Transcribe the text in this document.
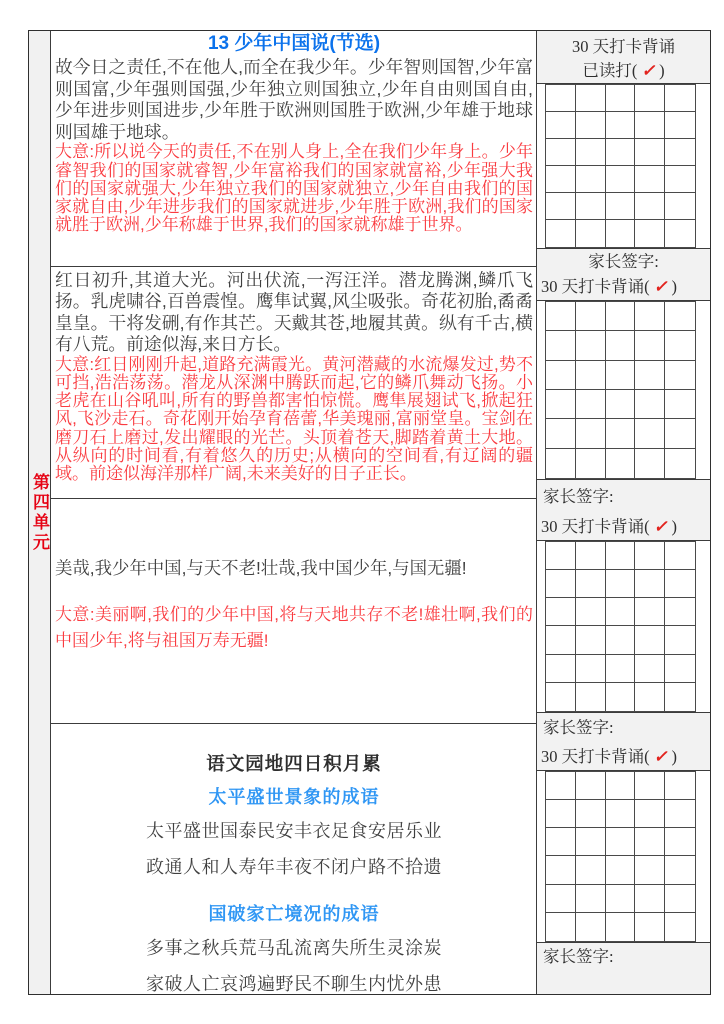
第四单元
13 少年中国说(节选)
故今日之责任,不在他人,而全在我少年。少年智则国智,少年富则国富,少年强则国强,少年独立则国独立,少年自由则国自由,少年进步则国进步,少年胜于欧洲则国胜于欧洲,少年雄于地球则国雄于地球。
大意:所以说今天的责任,不在别人身上,全在我们少年身上。少年睿智我们的国家就睿智,少年富裕我们的国家就富裕,少年强大我们的国家就强大,少年独立我们的国家就独立,少年自由我们的国家就自由,少年进步我们的国家就进步,少年胜于欧洲,我们的国家就胜于欧洲,少年称雄于世界,我们的国家就称雄于世界。
红日初升,其道大光。河出伏流,一泻汪洋。潜龙腾渊,鳞爪飞扬。乳虎啸谷,百兽震惶。鹰隼试翼,风尘吸张。奇花初胎,矞矞皇皇。干将发硎,有作其芒。天戴其苍,地履其黄。纵有千古,横有八荒。前途似海,来日方长。
大意:红日刚刚升起,道路充满霞光。黄河潜藏的水流爆发过,势不可挡,浩浩荡荡。潜龙从深渊中腾跃而起,它的鳞爪舞动飞扬。小老虎在山谷吼叫,所有的野兽都害怕惊慌。鹰隼展翅试飞,掀起狂风,飞沙走石。奇花刚开始孕育蓓蕾,华美瑰丽,富丽堂皇。宝剑在磨刀石上磨过,发出耀眼的光芒。头顶着苍天,脚踏着黄土大地。从纵向的时间看,有着悠久的历史;从横向的空间看,有辽阔的疆域。前途似海洋那样广阔,未来美好的日子正长。
美哉,我少年中国,与天不老!壮哉,我中国少年,与国无疆!
大意:美丽啊,我们的少年中国,将与天地共存不老!雄壮啊,我们的中国少年,将与祖国万寿无疆!
语文园地四日积月累
太平盛世景象的成语
太平盛世国泰民安丰衣足食安居乐业
政通人和人寿年丰夜不闭户路不拾遗
国破家亡境况的成语
多事之秋兵荒马乱流离失所生灵涂炭
家破人亡哀鸿遍野民不聊生内忧外患
30 天打卡背诵
已读打( ✓ )
家长签字:
30 天打卡背诵( ✓ )
家长签字:
30 天打卡背诵( ✓ )
家长签字:
30 天打卡背诵( ✓ )
家长签字:
